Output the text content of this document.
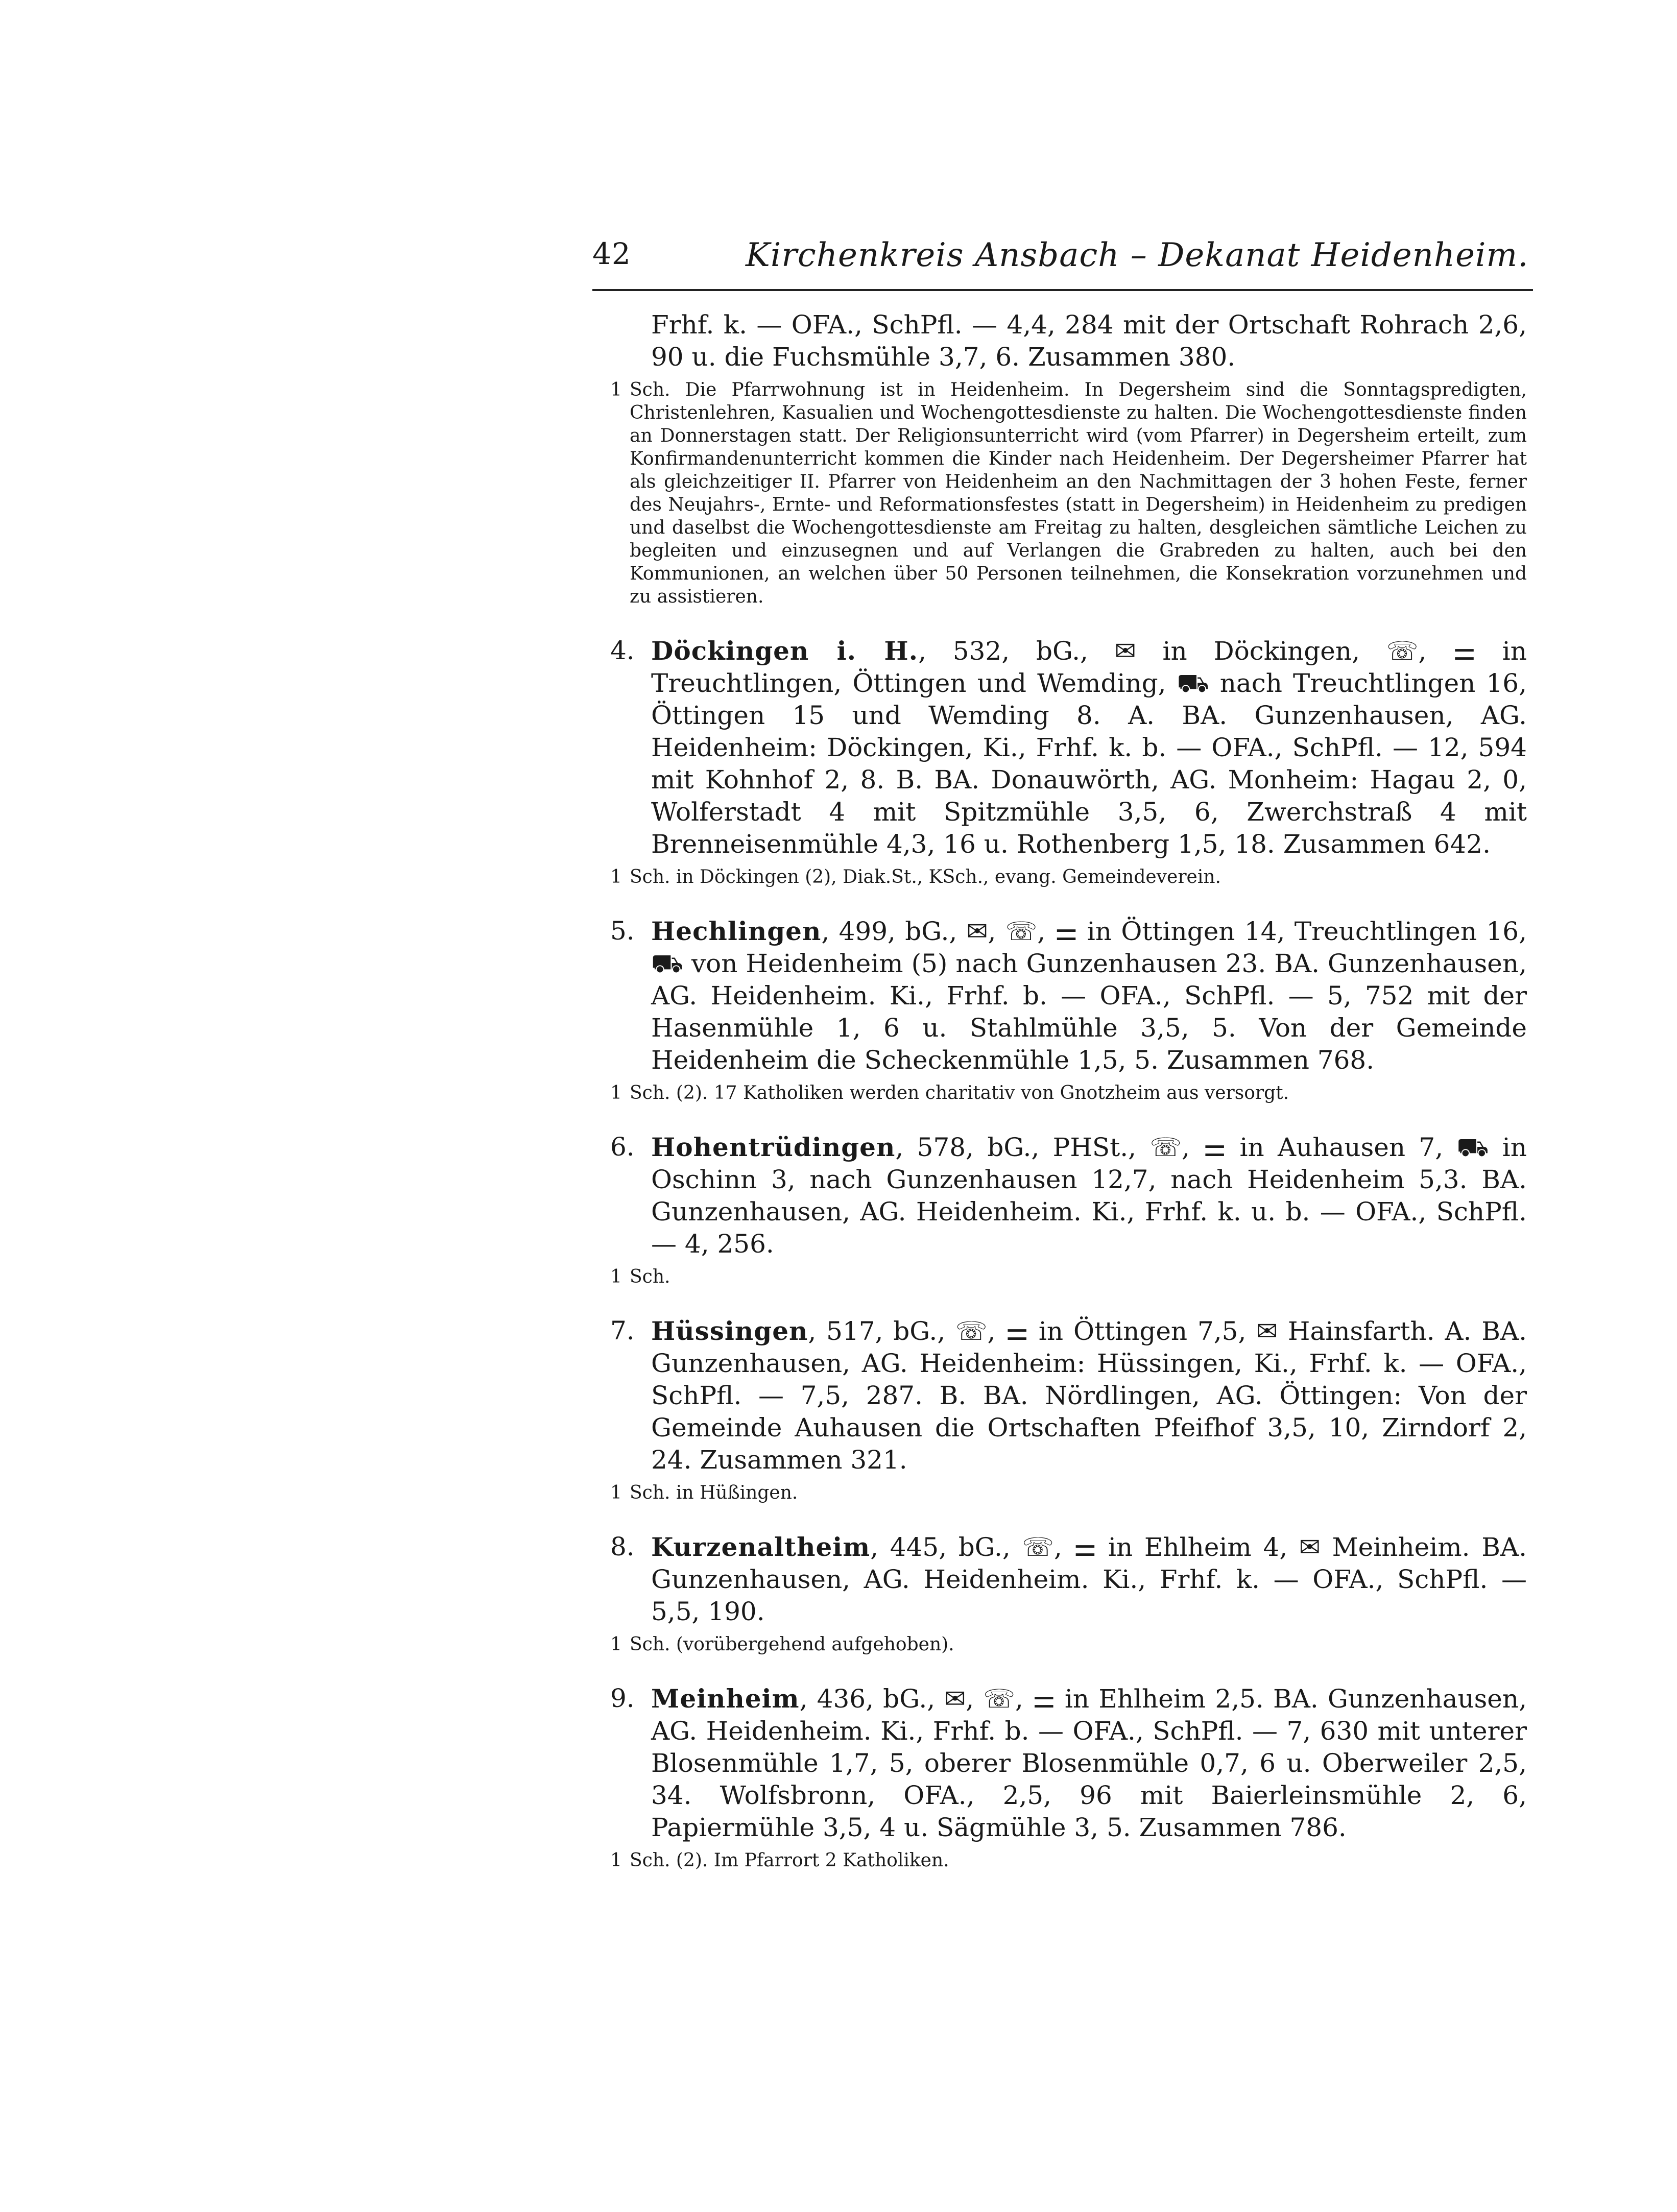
42	Kirchenkreis Ansbach – Dekanat Heidenheim.
Frhf. k. — OFA., SchPfl. — 4,4, 284 mit der Ortschaft Rohrach 2,6, 90 u. die Fuchsmühle 3,7, 6. Zusammen 380.
1 Sch. Die Pfarrwohnung ist in Heidenheim. In Degersheim sind die Sonntagspredigten, Christenlehren, Kasualien und Wochengottesdienste zu halten. Die Wochengottesdienste finden an Donnerstagen statt. Der Religionsunterricht wird (vom Pfarrer) in Degersheim erteilt, zum Konfirmandenunterricht kommen die Kinder nach Heidenheim. Der Degersheimer Pfarrer hat als gleichzeitiger II. Pfarrer von Heidenheim an den Nachmittagen der 3 hohen Feste, ferner des Neujahrs-, Ernte- und Reformationsfestes (statt in Degersheim) in Heidenheim zu predigen und daselbst die Wochengottesdienste am Freitag zu halten, desgleichen sämtliche Leichen zu begleiten und einzusegnen und auf Verlangen die Grabreden zu halten, auch bei den Kommunionen, an welchen über 50 Personen teilnehmen, die Konsekration vorzunehmen und zu assistieren.
4. Döckingen i. H., 532, bG., ✉ in Döckingen, ☏, ⚌ in Treuchtlingen, Öttingen und Wemding, ⛟ nach Treuchtlingen 16, Öttingen 15 und Wemding 8. A. BA. Gunzenhausen, AG. Heidenheim: Döckingen, Ki., Frhf. k. b. — OFA., SchPfl. — 12, 594 mit Kohnhof 2, 8. B. BA. Donauwörth, AG. Monheim: Hagau 2, 0, Wolferstadt 4 mit Spitzmühle 3,5, 6, Zwerchstraß 4 mit Brenneisenmühle 4,3, 16 u. Rothenberg 1,5, 18. Zusammen 642.
1 Sch. in Döckingen (2), Diak.St., KSch., evang. Gemeindeverein.
5. Hechlingen, 499, bG., ✉, ☏, ⚌ in Öttingen 14, Treuchtlingen 16, ⛟ von Heidenheim (5) nach Gunzenhausen 23. BA. Gunzenhausen, AG. Heidenheim. Ki., Frhf. b. — OFA., SchPfl. — 5, 752 mit der Hasenmühle 1, 6 u. Stahlmühle 3,5, 5. Von der Gemeinde Heidenheim die Scheckenmühle 1,5, 5. Zusammen 768.
1 Sch. (2). 17 Katholiken werden charitativ von Gnotzheim aus versorgt.
6. Hohentrüdingen, 578, bG., PHSt., ☏, ⚌ in Auhausen 7, ⛟ in Oschinn 3, nach Gunzenhausen 12,7, nach Heidenheim 5,3. BA. Gunzenhausen, AG. Heidenheim. Ki., Frhf. k. u. b. — OFA., SchPfl. — 4, 256.
1 Sch.
7. Hüssingen, 517, bG., ☏, ⚌ in Öttingen 7,5, ✉ Hainsfarth. A. BA. Gunzenhausen, AG. Heidenheim: Hüssingen, Ki., Frhf. k. — OFA., SchPfl. — 7,5, 287. B. BA. Nördlingen, AG. Öttingen: Von der Gemeinde Auhausen die Ortschaften Pfeifhof 3,5, 10, Zirndorf 2, 24. Zusammen 321.
1 Sch. in Hüßingen.
8. Kurzenaltheim, 445, bG., ☏, ⚌ in Ehlheim 4, ✉ Meinheim. BA. Gunzenhausen, AG. Heidenheim. Ki., Frhf. k. — OFA., SchPfl. — 5,5, 190.
1 Sch. (vorübergehend aufgehoben).
9. Meinheim, 436, bG., ✉, ☏, ⚌ in Ehlheim 2,5. BA. Gunzenhausen, AG. Heidenheim. Ki., Frhf. b. — OFA., SchPfl. — 7, 630 mit unterer Blosenmühle 1,7, 5, oberer Blosenmühle 0,7, 6 u. Oberweiler 2,5, 34. Wolfsbronn, OFA., 2,5, 96 mit Baierleinsmühle 2, 6, Papiermühle 3,5, 4 u. Sägmühle 3, 5. Zusammen 786.
1 Sch. (2). Im Pfarrort 2 Katholiken.
